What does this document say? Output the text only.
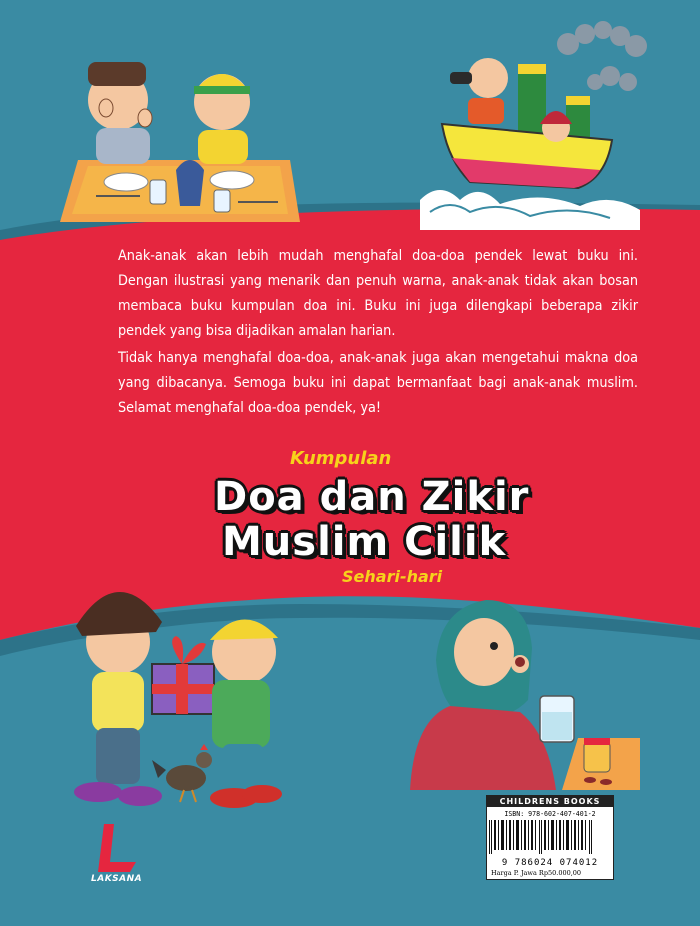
Anak-anak akan lebih mudah menghafal doa-doa pendek lewat buku ini. Dengan ilustrasi yang menarik dan penuh warna, anak-anak tidak akan bosan membaca buku kumpulan doa ini. Buku ini juga dilengkapi beberapa zikir pendek yang bisa dijadikan amalan harian.

Tidak hanya menghafal doa-doa, anak-anak juga akan mengetahui makna doa yang dibacanya. Semoga buku ini dapat bermanfaat bagi anak-anak muslim. Selamat menghafal doa-doa pendek, ya!

Kumpulan
Doa dan Zikir
Muslim Cilik
Sehari-hari
LAKSANA
CHILDRENS BOOKS
ISBN: 978-602-407-401-2
9 786024 074012
Harga P. Jawa Rp50.000,00
